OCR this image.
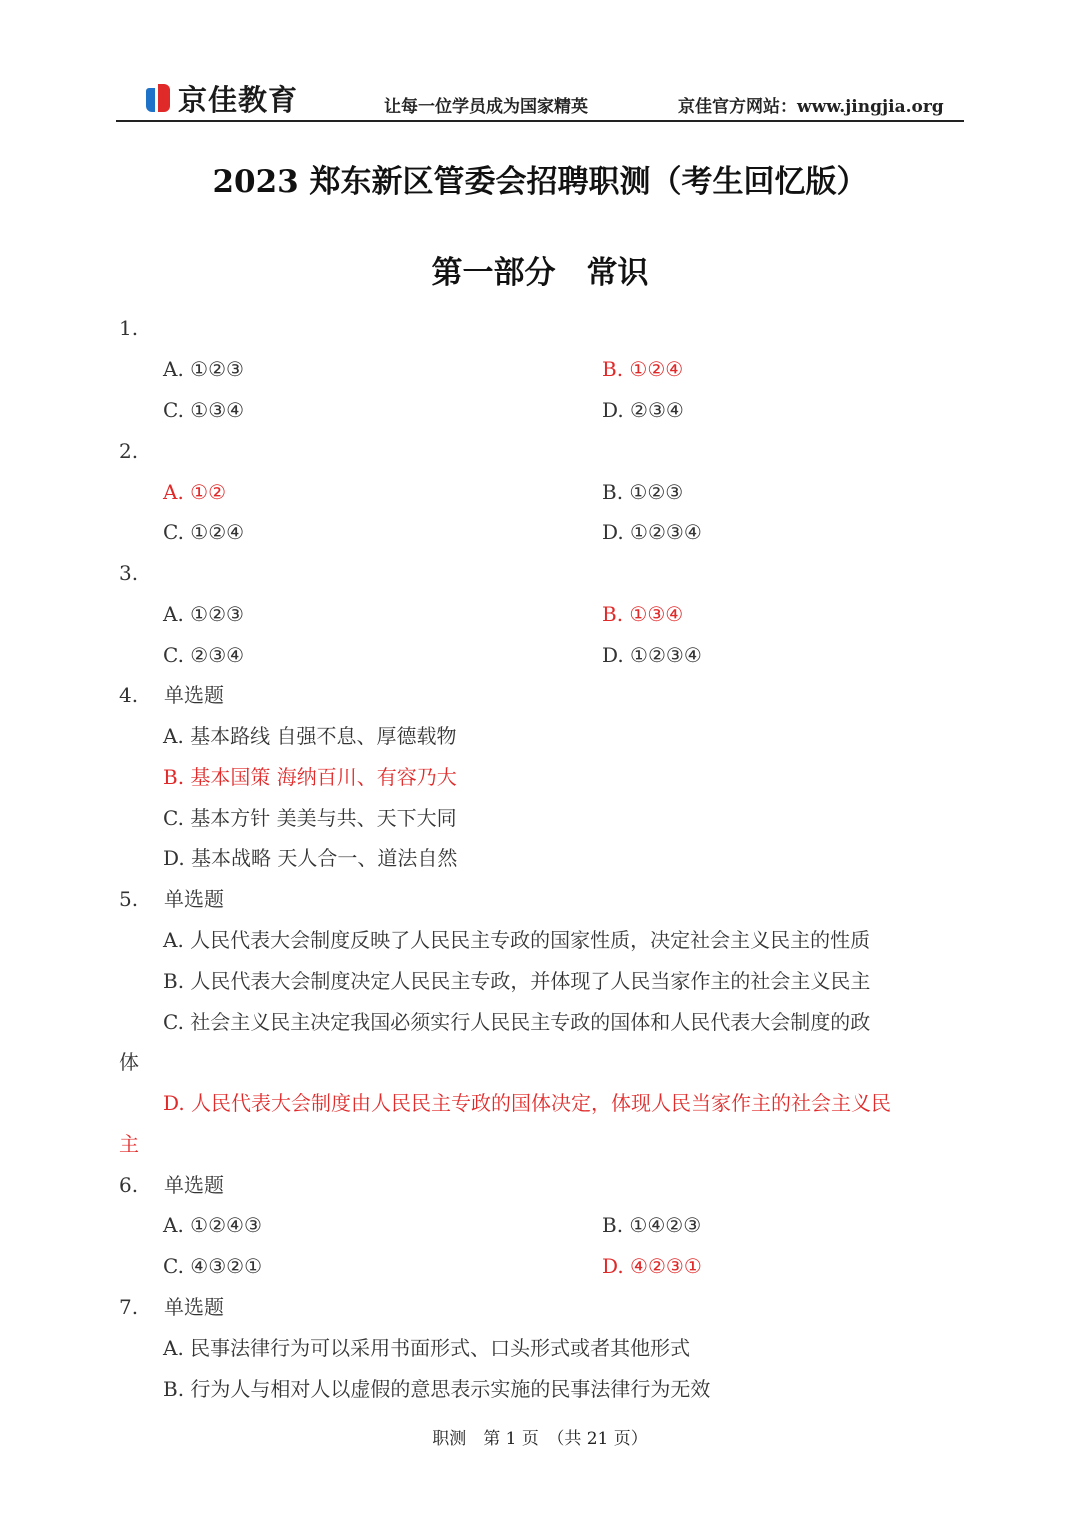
京佳教育	让每一位学员成为国家精英	京佳官方网站：www.jingjia.org
2023 郑东新区管委会招聘职测（考生回忆版）
第一部分　常识
1.
A. ①②③	B. ①②④
C. ①③④	D. ②③④
2.
A. ①②	B. ①②③
C. ①②④	D. ①②③④
3.
A. ①②③	B. ①③④
C. ②③④	D. ①②③④
4. 单选题
A. 基本路线 自强不息、厚德载物
B. 基本国策 海纳百川、有容乃大
C. 基本方针 美美与共、天下大同
D. 基本战略 天人合一、道法自然
5. 单选题
A. 人民代表大会制度反映了人民民主专政的国家性质，决定社会主义民主的性质
B. 人民代表大会制度决定人民民主专政，并体现了人民当家作主的社会主义民主
C. 社会主义民主决定我国必须实行人民民主专政的国体和人民代表大会制度的政
体
D. 人民代表大会制度由人民民主专政的国体决定，体现人民当家作主的社会主义民
主
6. 单选题
A. ①②④③	B. ①④②③
C. ④③②①	D. ④②③①
7. 单选题
A. 民事法律行为可以采用书面形式、口头形式或者其他形式
B. 行为人与相对人以虚假的意思表示实施的民事法律行为无效
职测　第 1 页　（共 21 页）
